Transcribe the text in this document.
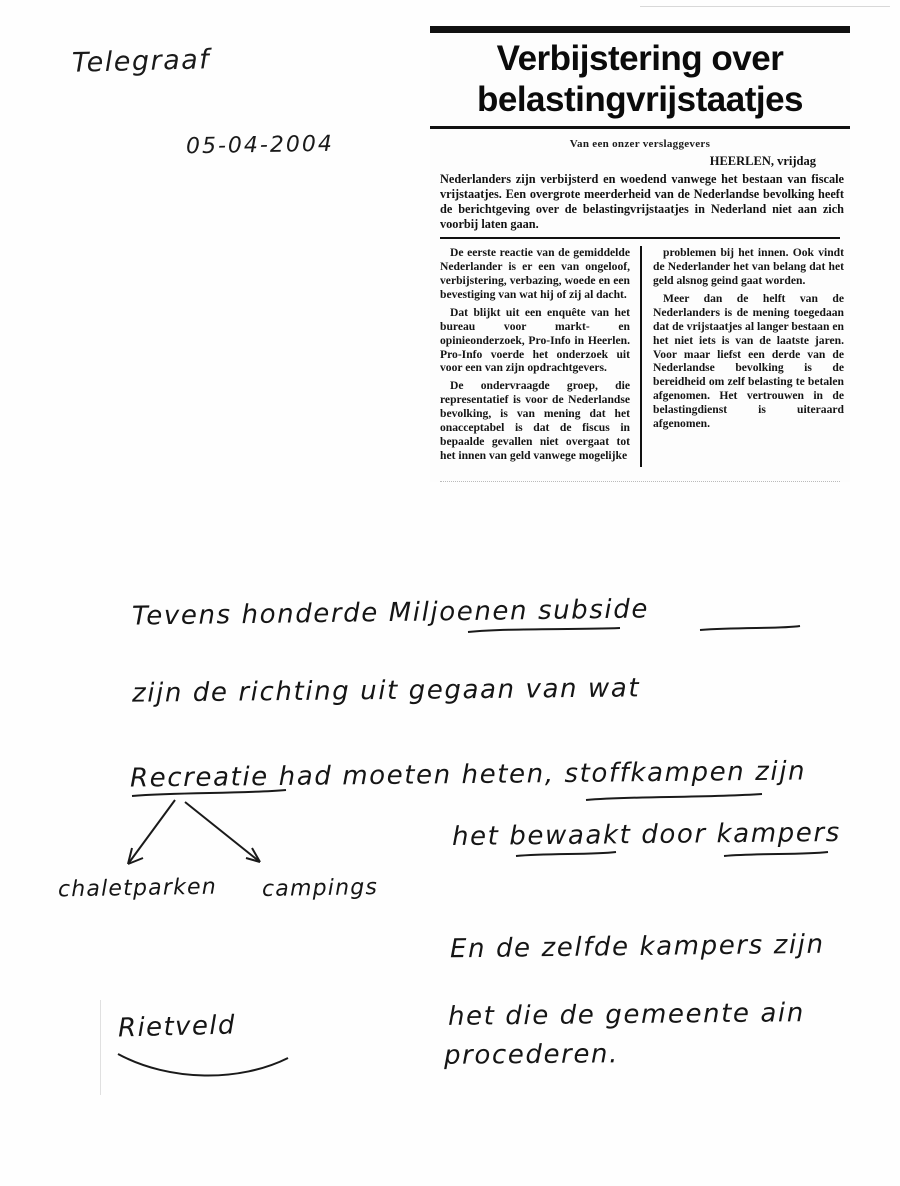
Telegraaf
05-04-2004
Verbijstering over
belastingvrijstaatjes
Van een onzer verslaggevers
HEERLEN, vrijdag
Nederlanders zijn verbijsterd en woedend vanwege het bestaan van fiscale vrijstaatjes. Een overgrote meerderheid van de Nederlandse bevolking heeft de berichtgeving over de belastingvrijstaatjes in Nederland niet aan zich voorbij laten gaan.

De eerste reactie van de gemiddelde Nederlander is er een van ongeloof, verbijstering, verbazing, woede en een bevestiging van wat hij of zij al dacht.

Dat blijkt uit een enquête van het bureau voor markt- en opinieonderzoek, Pro-Info in Heerlen. Pro-Info voerde het onderzoek uit voor een van zijn opdrachtgevers.

De ondervraagde groep, die representatief is voor de Nederlandse bevolking, is van mening dat het onacceptabel is dat de fiscus in bepaalde gevallen niet overgaat tot het innen van geld vanwege mogelijke

problemen bij het innen. Ook vindt de Nederlander het van belang dat het geld alsnog geind gaat worden.

Meer dan de helft van de Nederlanders is de mening toegedaan dat de vrijstaatjes al langer bestaan en het niet iets is van de laatste jaren. Voor maar liefst een derde van de Nederlandse bevolking is de bereidheid om zelf belasting te betalen afgenomen. Het vertrouwen in de belastingdienst is uiteraard afgenomen.

Tevens honderde Miljoenen subside
zijn de richting uit gegaan van wat
Recreatie had moeten heten, stoffkampen zijn
het bewaakt door kampers
En de zelfde kampers zijn
het die de gemeente ain
procederen.
chaletparken campings
Rietveld
